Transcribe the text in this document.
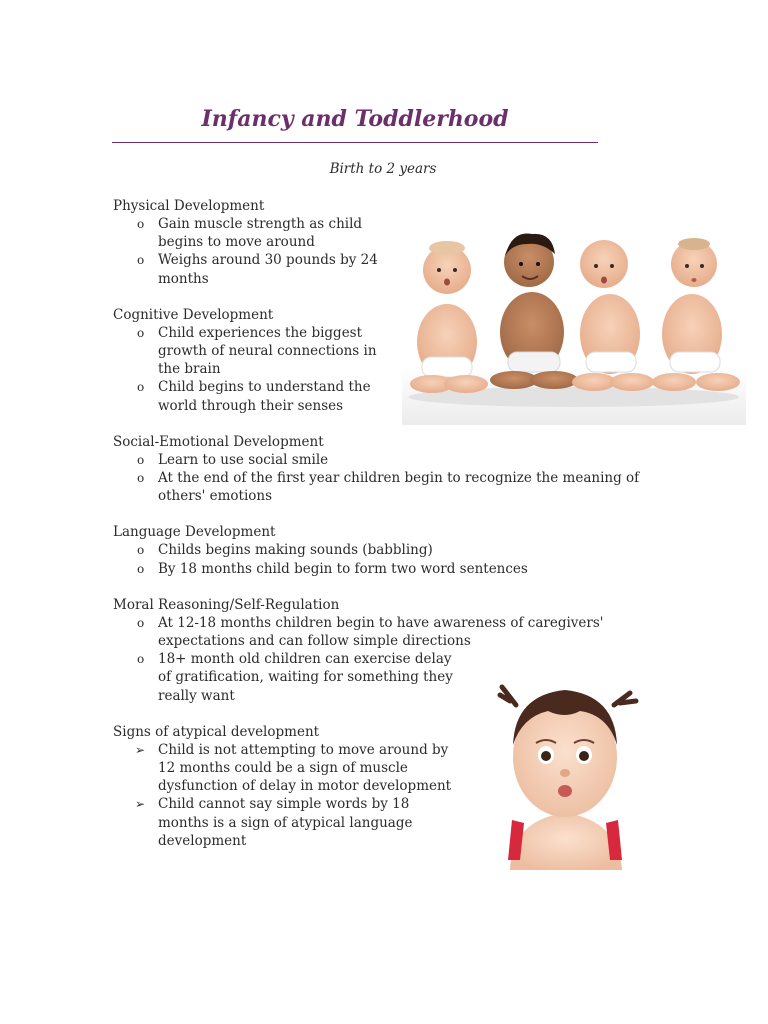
Infancy and Toddlerhood
Birth to 2 years

Physical Development

o Gain muscle strength as child begins to move around
o Weighs around 30 pounds by 24 months

Cognitive Development

o Child experiences the biggest growth of neural connections in the brain
o Child begins to understand the world through their senses

Social-Emotional Development

o Learn to use social smile
o At the end of the first year children begin to recognize the meaning of others' emotions

Language Development

o Childs begins making sounds (babbling)
o By 18 months child begin to form two word sentences

Moral Reasoning/Self-Regulation

o At 12-18 months children begin to have awareness of caregivers' expectations and can follow simple directions
o 18+ month old children can exercise delay of gratification, waiting for something they really want

Signs of atypical development

➢ Child is not attempting to move around by 12 months could be a sign of muscle dysfunction of delay in motor development
➢ Child cannot say simple words by 18 months is a sign of atypical language development
